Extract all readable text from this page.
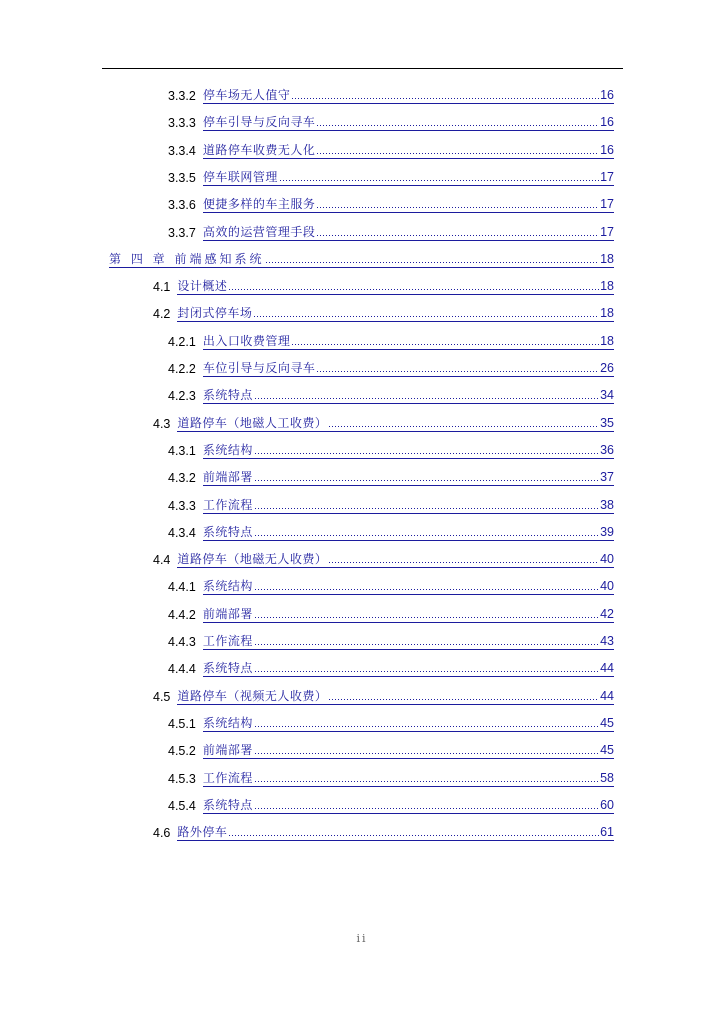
3.3.2 停车场无人值守	16
3.3.3 停车引导与反向寻车	16
3.3.4 道路停车收费无人化	16
3.3.5 停车联网管理	17
3.3.6 便捷多样的车主服务	17
3.3.7 高效的运营管理手段	17
第 四 章 前端感知系统	18
4.1 设计概述	18
4.2 封闭式停车场	18
4.2.1 出入口收费管理	18
4.2.2 车位引导与反向寻车	26
4.2.3 系统特点	34
4.3 道路停车（地磁人工收费）	35
4.3.1 系统结构	36
4.3.2 前端部署	37
4.3.3 工作流程	38
4.3.4 系统特点	39
4.4 道路停车（地磁无人收费）	40
4.4.1 系统结构	40
4.4.2 前端部署	42
4.4.3 工作流程	43
4.4.4 系统特点	44
4.5 道路停车（视频无人收费）	44
4.5.1 系统结构	45
4.5.2 前端部署	45
4.5.3 工作流程	58
4.5.4 系统特点	60
4.6 路外停车	61
ii
